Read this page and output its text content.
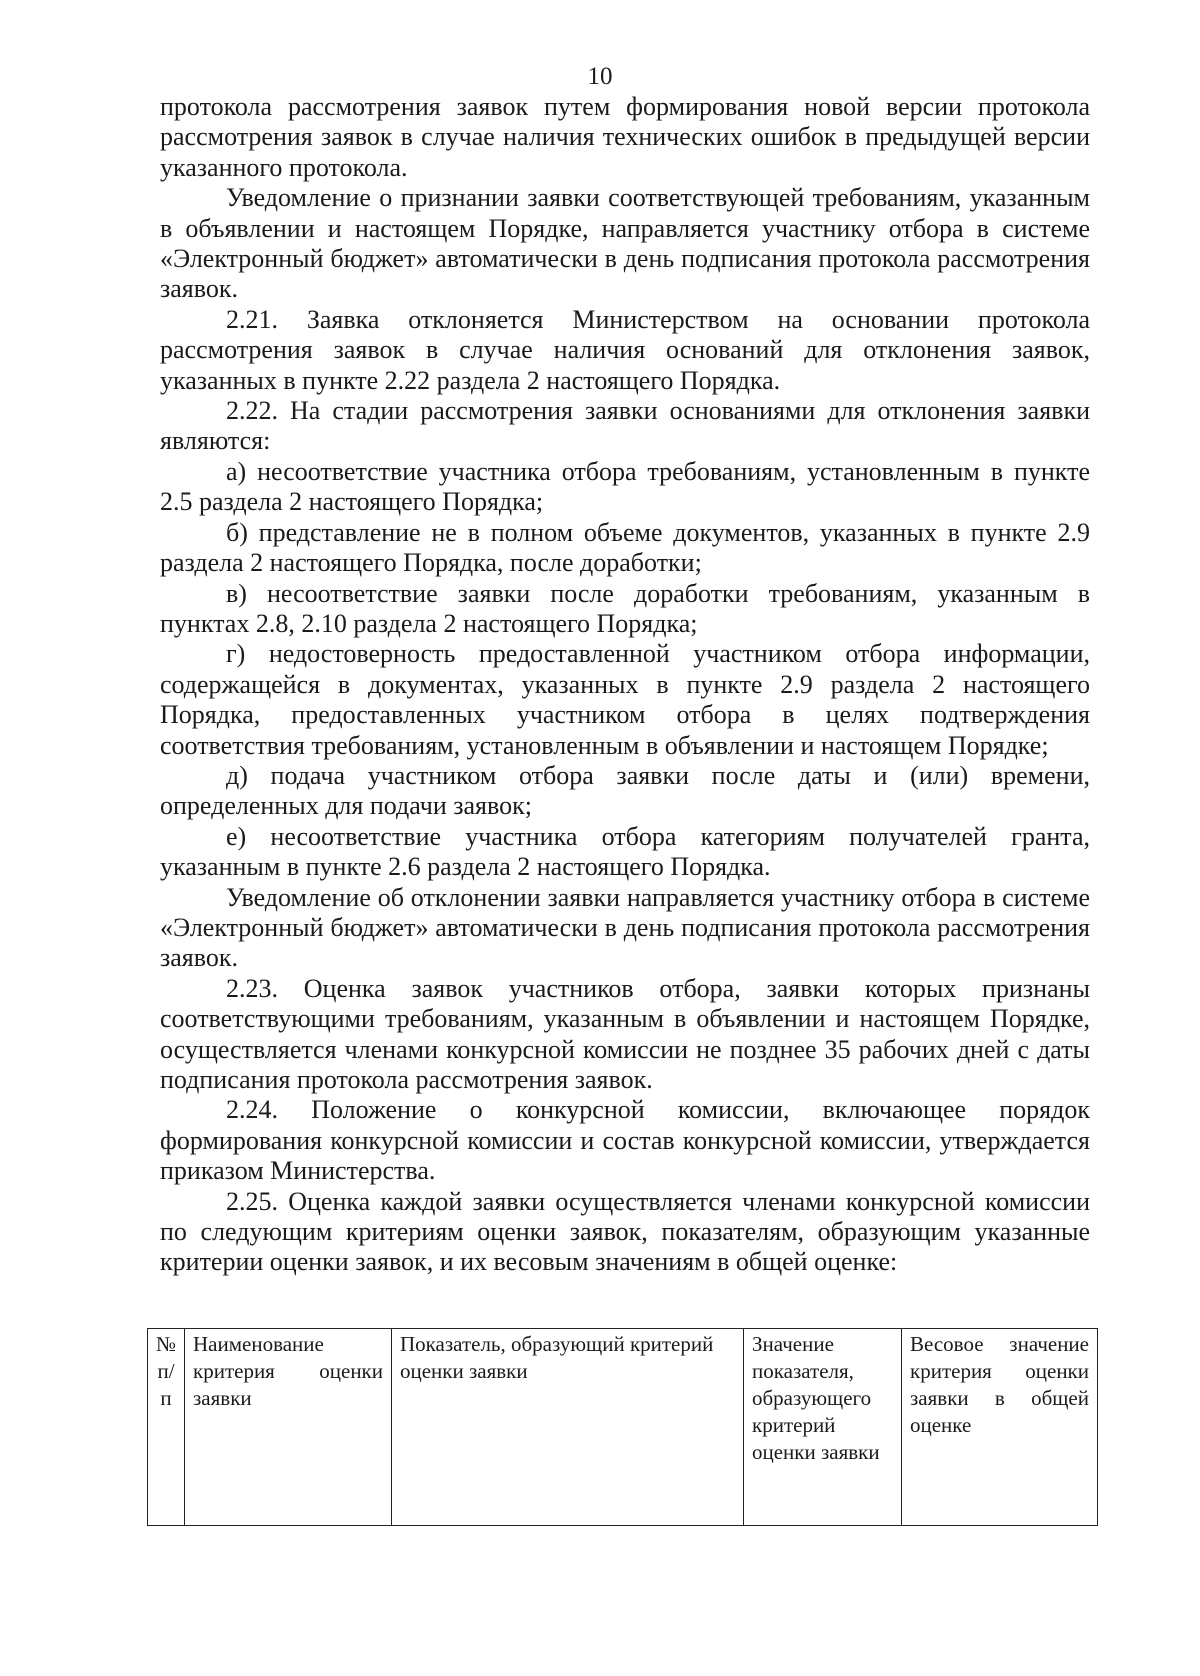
10

протокола рассмотрения заявок путем формирования новой версии протокола рассмотрения заявок в случае наличия технических ошибок в предыдущей версии указанного протокола.

Уведомление о признании заявки соответствующей требованиям, указанным в объявлении и настоящем Порядке, направляется участнику отбора в системе «Электронный бюджет» автоматически в день подписания протокола рассмотрения заявок.

2.21. Заявка отклоняется Министерством на основании протокола рассмотрения заявок в случае наличия оснований для отклонения заявок, указанных в пункте 2.22 раздела 2 настоящего Порядка.

2.22. На стадии рассмотрения заявки основаниями для отклонения заявки являются:

а) несоответствие участника отбора требованиям, установленным в пункте 2.5 раздела 2 настоящего Порядка;

б) представление не в полном объеме документов, указанных в пункте 2.9 раздела 2 настоящего Порядка, после доработки;

в) несоответствие заявки после доработки требованиям, указанным в пунктах 2.8, 2.10 раздела 2 настоящего Порядка;

г) недостоверность предоставленной участником отбора информации, содержащейся в документах, указанных в пункте 2.9 раздела 2 настоящего Порядка, предоставленных участником отбора в целях подтверждения соответствия требованиям, установленным в объявлении и настоящем Порядке;

д) подача участником отбора заявки после даты и (или) времени, определенных для подачи заявок;

е) несоответствие участника отбора категориям получателей гранта, указанным в пункте 2.6 раздела 2 настоящего Порядка.

Уведомление об отклонении заявки направляется участнику отбора в системе «Электронный бюджет» автоматически в день подписания протокола рассмотрения заявок.

2.23. Оценка заявок участников отбора, заявки которых признаны соответствующими требованиям, указанным в объявлении и настоящем Порядке, осуществляется членами конкурсной комиссии не позднее 35 рабочих дней с даты подписания протокола рассмотрения заявок.

2.24. Положение о конкурсной комиссии, включающее порядок формирования конкурсной комиссии и состав конкурсной комиссии, утверждается приказом Министерства.

2.25. Оценка каждой заявки осуществляется членами конкурсной комиссии по следующим критериям оценки заявок, показателям, образующим указанные критерии оценки заявок, и их весовым значениям в общей оценке:

№ п/п	Наименование критерия оценки заявки	Показатель, образующий критерий оценки заявки	Значение показателя, образующего критерий оценки заявки	Весовое значение критерия оценки заявки в общей оценке
